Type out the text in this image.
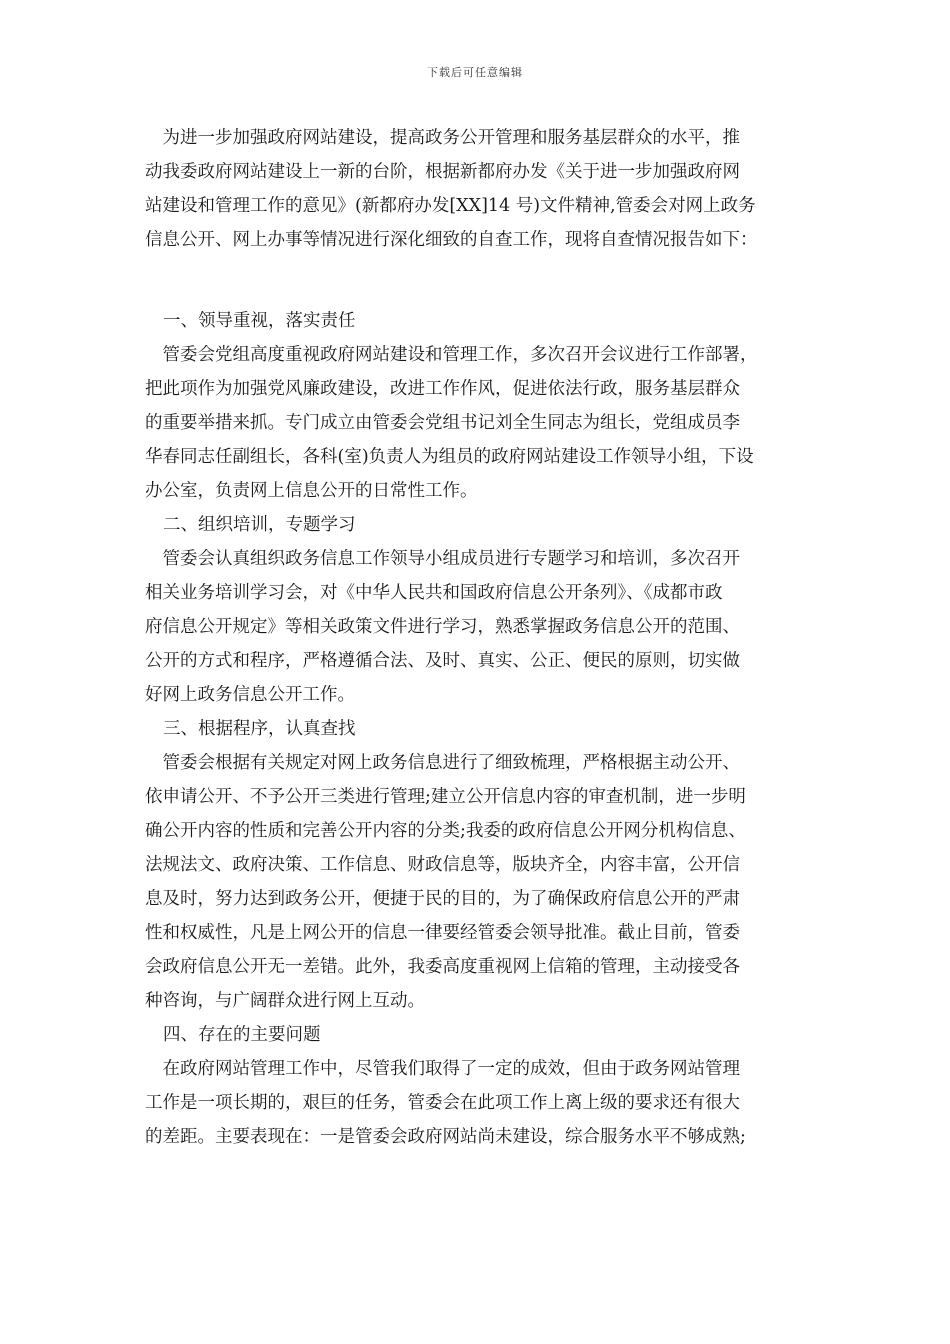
下载后可任意编辑
　为进一步加强政府网站建设，提高政务公开管理和服务基层群众的水平，推
动我委政府网站建设上一新的台阶，根据新都府办发《关于进一步加强政府网
站建设和管理工作的意见》(新都府办发[XX]14 号)文件精神,管委会对网上政务
信息公开、网上办事等情况进行深化细致的自查工作，现将自查情况报告如下：
一、领导重视，落实责任
　管委会党组高度重视政府网站建设和管理工作，多次召开会议进行工作部署，
把此项作为加强党风廉政建设，改进工作作风，促进依法行政，服务基层群众
的重要举措来抓。专门成立由管委会党组书记刘全生同志为组长，党组成员李
华春同志任副组长，各科(室)负责人为组员的政府网站建设工作领导小组，下设
办公室，负责网上信息公开的日常性工作。
二、组织培训，专题学习
　管委会认真组织政务信息工作领导小组成员进行专题学习和培训，多次召开
相关业务培训学习会，对《中华人民共和国政府信息公开条列》、《成都市政
府信息公开规定》等相关政策文件进行学习，熟悉掌握政务信息公开的范围、
公开的方式和程序，严格遵循合法、及时、真实、公正、便民的原则，切实做
好网上政务信息公开工作。
三、根据程序，认真查找
　管委会根据有关规定对网上政务信息进行了细致梳理，严格根据主动公开、
依申请公开、不予公开三类进行管理;建立公开信息内容的审查机制，进一步明
确公开内容的性质和完善公开内容的分类;我委的政府信息公开网分机构信息、
法规法文、政府决策、工作信息、财政信息等，版块齐全，内容丰富，公开信
息及时，努力达到政务公开，便捷于民的目的，为了确保政府信息公开的严肃
性和权威性，凡是上网公开的信息一律要经管委会领导批准。截止目前，管委
会政府信息公开无一差错。此外，我委高度重视网上信箱的管理，主动接受各
种咨询，与广阔群众进行网上互动。
四、存在的主要问题
　在政府网站管理工作中，尽管我们取得了一定的成效，但由于政务网站管理
工作是一项长期的，艰巨的任务，管委会在此项工作上离上级的要求还有很大
的差距。主要表现在：一是管委会政府网站尚未建设，综合服务水平不够成熟;
